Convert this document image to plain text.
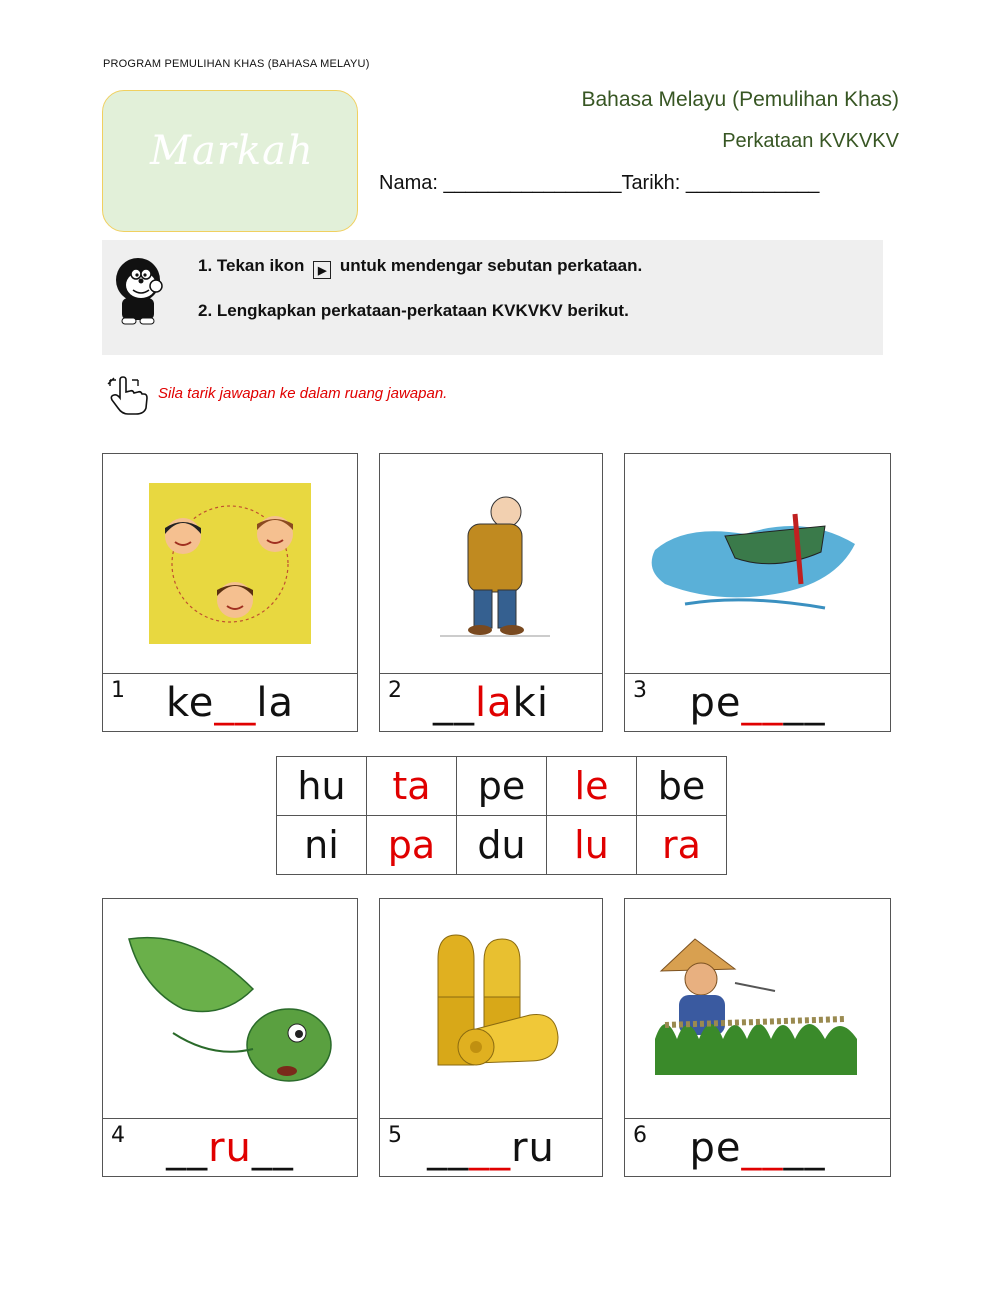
PROGRAM PEMULIHAN KHAS (BAHASA MELAYU)
Markah
Bahasa Melayu (Pemulihan Khas)
Perkataan KVKVKV
Nama: ________________Tarikh: ____________
1. Tekan ikon ▶ untuk mendengar sebutan perkataan.
2. Lengkapkan perkataan-perkataan KVKVKV berikut.
Sila tarik jawapan ke dalam ruang jawapan.
1	ke__la	2 __laki	3	pe____
hu	ta	pe	le	be
ni	pa	du	lu	ra
4	__ru__	5 ____ru	6	pe____
